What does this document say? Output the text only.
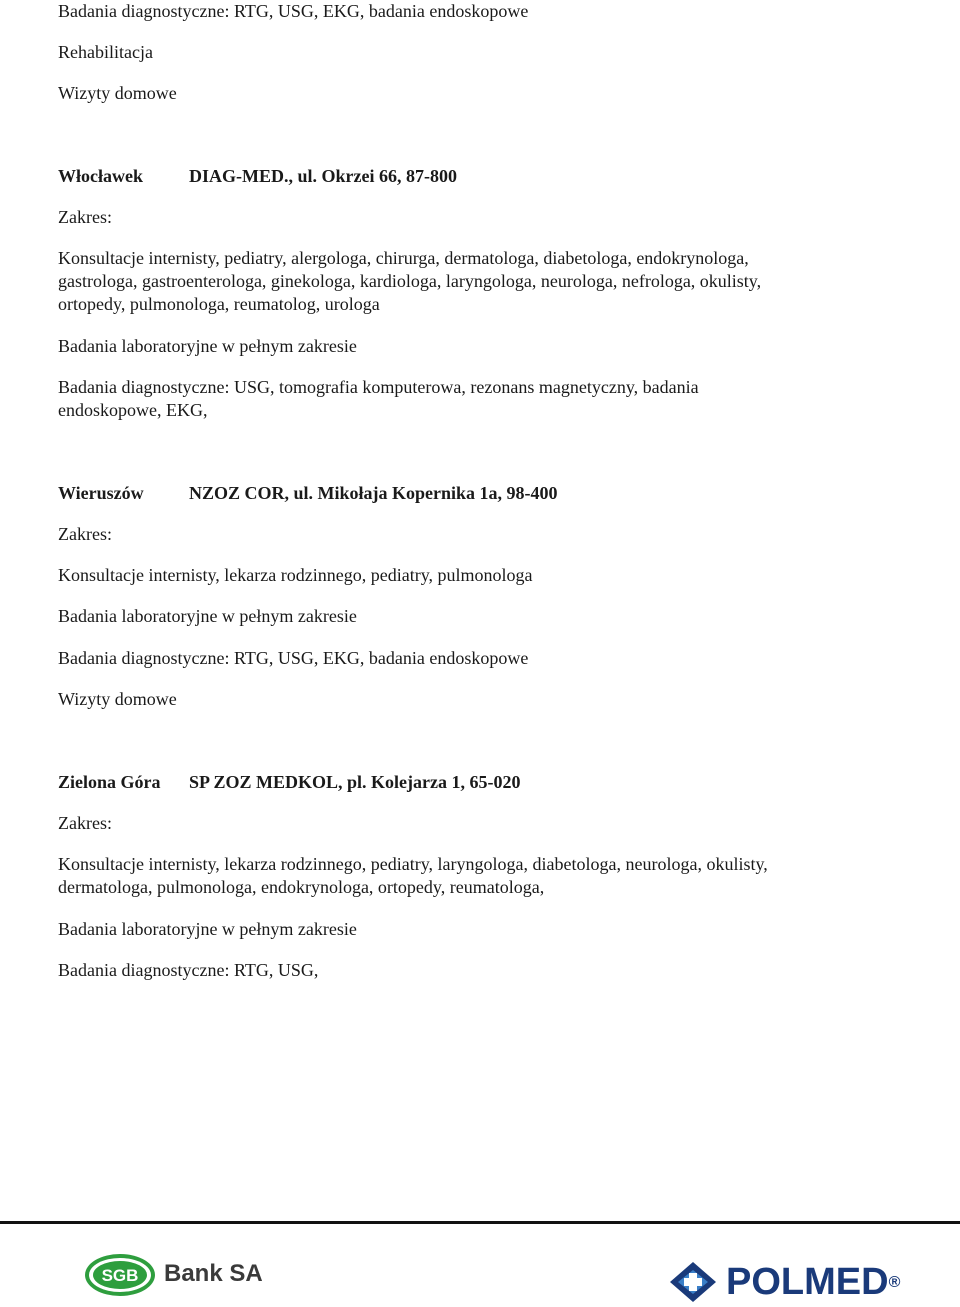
Badania diagnostyczne: RTG, USG, EKG, badania endoskopowe
Rehabilitacja
Wizyty domowe
Włocławek	DIAG-MED., ul. Okrzei 66, 87-800
Zakres:
Konsultacje internisty, pediatry, alergologa, chirurga, dermatologa, diabetologa, endokrynologa,
gastrologa, gastroenterologa, ginekologa, kardiologa, laryngologa, neurologa, nefrologa, okulisty,
ortopedy, pulmonologa, reumatolog, urologa
Badania laboratoryjne w pełnym zakresie
Badania diagnostyczne: USG, tomografia komputerowa, rezonans magnetyczny, badania
endoskopowe, EKG,
Wieruszów	NZOZ COR, ul. Mikołaja Kopernika 1a, 98-400
Zakres:
Konsultacje internisty, lekarza rodzinnego, pediatry, pulmonologa
Badania laboratoryjne w pełnym zakresie
Badania diagnostyczne: RTG, USG, EKG, badania endoskopowe
Wizyty domowe
Zielona Góra SP ZOZ MEDKOL, pl. Kolejarza 1, 65-020
Zakres:
Konsultacje internisty, lekarza rodzinnego, pediatry, laryngologa, diabetologa, neurologa, okulisty,
dermatologa, pulmonologa, endokrynologa, ortopedy, reumatologa,
Badania laboratoryjne w pełnym zakresie
Badania diagnostyczne: RTG, USG,
SGB Bank SA	POLMED®
